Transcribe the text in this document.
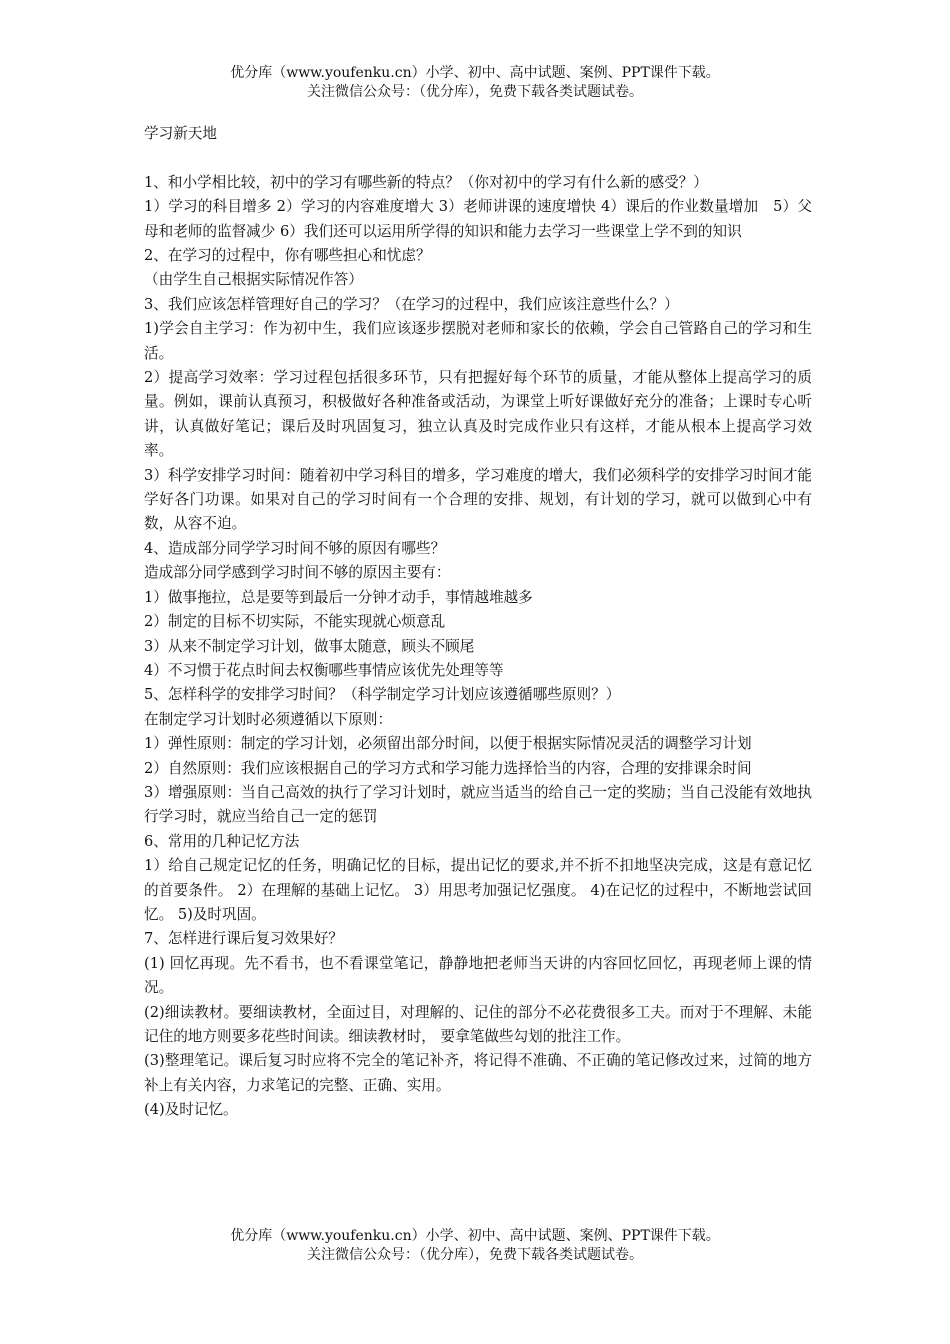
优分库（www.youfenku.cn）小学、初中、高中试题、案例、PPT课件下载。
关注微信公众号：（优分库），免费下载各类试题试卷。
学习新天地

1、和小学相比较，初中的学习有哪些新的特点？（你对初中的学习有什么新的感受？）

1）学习的科目增多 2）学习的内容难度增大 3）老师讲课的速度增快 4）课后的作业数量增加　5）父母和老师的监督减少 6）我们还可以运用所学得的知识和能力去学习一些课堂上学不到的知识

2、在学习的过程中，你有哪些担心和忧虑？

（由学生自己根据实际情况作答）

3、我们应该怎样管理好自己的学习？（在学习的过程中，我们应该注意些什么？）

1)学会自主学习：作为初中生，我们应该逐步摆脱对老师和家长的依赖，学会自己管路自己的学习和生活。

2）提高学习效率：学习过程包括很多环节，只有把握好每个环节的质量，才能从整体上提高学习的质量。例如，课前认真预习，积极做好各种准备或活动，为课堂上听好课做好充分的准备；上课时专心听讲，认真做好笔记；课后及时巩固复习，独立认真及时完成作业只有这样，才能从根本上提高学习效率。

3）科学安排学习时间：随着初中学习科目的增多，学习难度的增大，我们必须科学的安排学习时间才能学好各门功课。如果对自己的学习时间有一个合理的安排、规划，有计划的学习，就可以做到心中有数，从容不迫。

4、造成部分同学学习时间不够的原因有哪些？

造成部分同学感到学习时间不够的原因主要有：

1）做事拖拉，总是要等到最后一分钟才动手，事情越堆越多

2）制定的目标不切实际，不能实现就心烦意乱

3）从来不制定学习计划，做事太随意，顾头不顾尾

4）不习惯于花点时间去权衡哪些事情应该优先处理等等

5、怎样科学的安排学习时间？（科学制定学习计划应该遵循哪些原则？）

在制定学习计划时必须遵循以下原则：

1）弹性原则：制定的学习计划，必须留出部分时间，以便于根据实际情况灵活的调整学习计划

2）自然原则：我们应该根据自己的学习方式和学习能力选择恰当的内容，合理的安排课余时间

3）增强原则：当自己高效的执行了学习计划时，就应当适当的给自己一定的奖励；当自己没能有效地执行学习时，就应当给自己一定的惩罚

6、常用的几种记忆方法

1）给自己规定记忆的任务，明确记忆的目标，提出记忆的要求,并不折不扣地坚决完成，这是有意记忆的首要条件。 2）在理解的基础上记忆。 3）用思考加强记忆强度。 4)在记忆的过程中，不断地尝试回忆。 5)及时巩固。

7、怎样进行课后复习效果好？

(1) 回忆再现。先不看书，也不看课堂笔记，静静地把老师当天讲的内容回忆回忆，再现老师上课的情况。

(2)细读教材。要细读教材，全面过目，对理解的、记住的部分不必花费很多工夫。而对于不理解、未能记住的地方则要多花些时间读。细读教材时， 要拿笔做些勾划的批注工作。

(3)整理笔记。课后复习时应将不完全的笔记补齐，将记得不准确、不正确的笔记修改过来，过简的地方补上有关内容，力求笔记的完整、正确、实用。

(4)及时记忆。

优分库（www.youfenku.cn）小学、初中、高中试题、案例、PPT课件下载。
关注微信公众号：（优分库），免费下载各类试题试卷。
